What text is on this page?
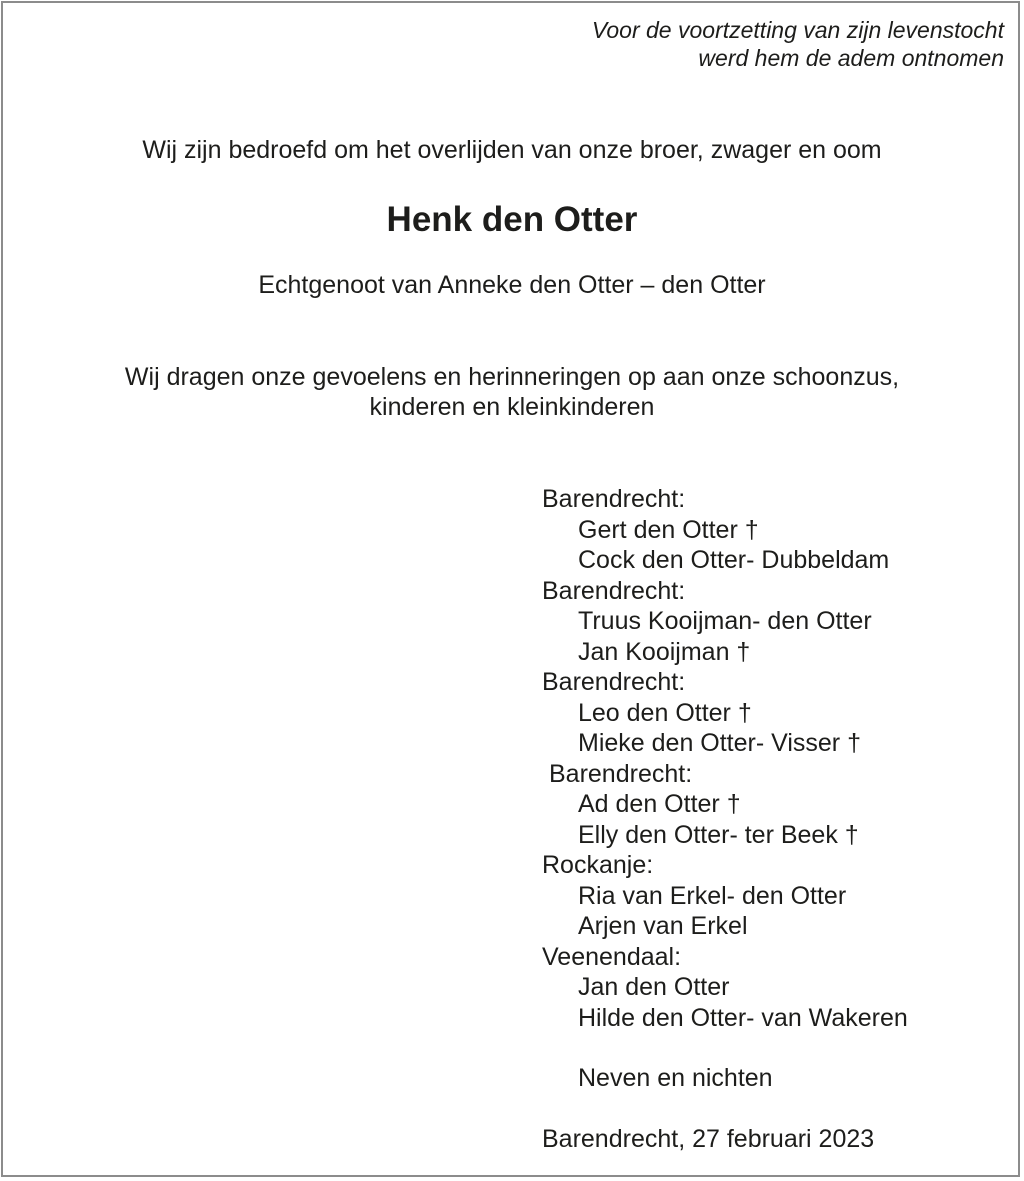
Voor de voortzetting van zijn levenstocht
werd hem de adem ontnomen
Wij zijn bedroefd om het overlijden van onze broer, zwager en oom
Henk den Otter
Echtgenoot van Anneke den Otter – den Otter
Wij dragen onze gevoelens en herinneringen op aan onze schoonzus,
kinderen en kleinkinderen
Barendrecht:
Gert den Otter †
Cock den Otter- Dubbeldam
Barendrecht:
Truus Kooijman- den Otter
Jan Kooijman †
Barendrecht:
Leo den Otter †
Mieke den Otter- Visser †
Barendrecht:
Ad den Otter †
Elly den Otter- ter Beek †
Rockanje:
Ria van Erkel- den Otter
Arjen van Erkel
Veenendaal:
Jan den Otter
Hilde den Otter- van Wakeren
Neven en nichten
Barendrecht, 27 februari 2023
